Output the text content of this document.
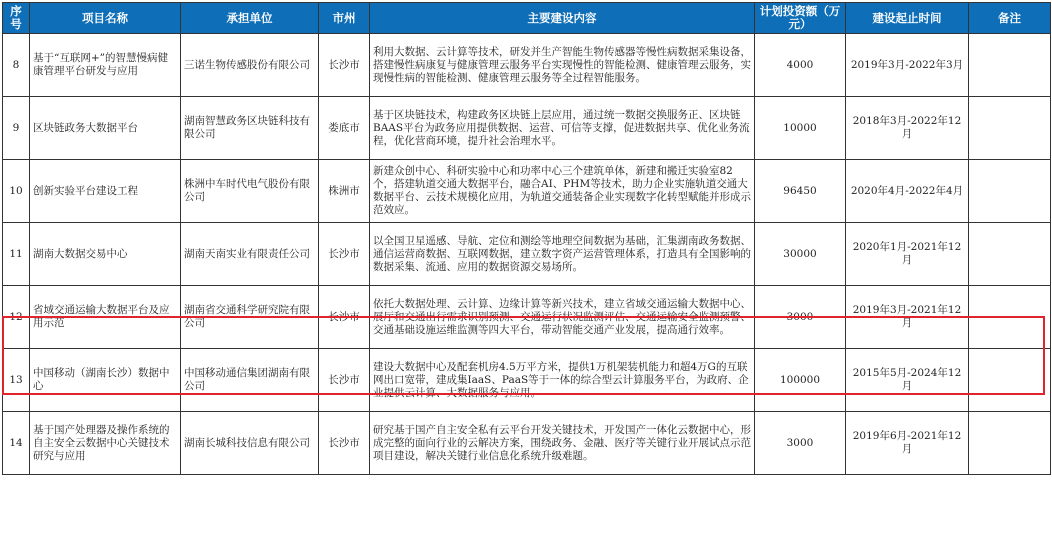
序号	项目名称	承担单位	市州	主要建设内容	计划投资额（万元）	建设起止时间	备注
8	基于“互联网+”的智慧慢病健康管理平台研发与应用	三诺生物传感股份有限公司	长沙市	利用大数据、云计算等技术，研发并生产智能生物传感器等慢性病数据采集设备，搭建慢性病康复与健康管理云服务平台实现慢性的智能检测、健康管理云服务，实现慢性病的智能检测、健康管理云服务等全过程智能服务。	4000	2019年3月-2022年3月	
9	区块链政务大数据平台	湖南智慧政务区块链科技有限公司	娄底市	基于区块链技术，构建政务区块链上层应用，通过统一数据交换服务正、区块链BAAS平台为政务应用提供数据、运营、可信等支撑，促进数据共享、优化业务流程，优化营商环境，提升社会治理水平。	10000	2018年3月-2022年12月	
10	创新实验平台建设工程	株洲中车时代电气股份有限公司	株洲市	新建众创中心、科研实验中心和功率中心三个建筑单体，新建和搬迁实验室82个，搭建轨道交通大数据平台，融合AI、PHM等技术，助力企业实施轨道交通大数据平台、云技术规模化应用，为轨道交通装备企业实现数字化转型赋能并形成示范效应。	96450	2020年4月-2022年4月	
11	湖南大数据交易中心	湖南天南实业有限责任公司	长沙市	以全国卫星遥感、导航、定位和测绘等地理空间数据为基础，汇集湖南政务数据、通信运营商数据、互联网数据，建立数字资产运营管理体系，打造具有全国影响的数据采集、流通、应用的数据资源交易场所。	30000	2020年1月-2021年12月	
12	省域交通运输大数据平台及应用示范	湖南省交通科学研究院有限公司	长沙市	依托大数据处理、云计算、边缘计算等新兴技术，建立省域交通运输大数据中心、展厅和交通出行需求识别预测、交通运行状况监测评估、交通运输安全监测预警、交通基础设施运维监测等四大平台，带动智能交通产业发展，提高通行效率。	3000	2019年3月-2021年12月	
13	中国移动（湖南长沙）数据中心	中国移动通信集团湖南有限公司	长沙市	建设大数据中心及配套机房4.5万平方米，提供1万机架装机能力和超4万G的互联网出口宽带，建成集IaaS、PaaS等于一体的综合型云计算服务平台，为政府、企业提供云计算、大数据服务与应用。	100000	2015年5月-2024年12月	
14	基于国产处理器及操作系统的自主安全云数据中心关键技术研究与应用	湖南长城科技信息有限公司	长沙市	研究基于国产自主安全私有云平台开发关键技术，开发国产一体化云数据中心，形成完整的面向行业的云解决方案，围绕政务、金融、医疗等关键行业开展试点示范项目建设，解决关键行业信息化系统升级难题。	3000	2019年6月-2021年12月	
